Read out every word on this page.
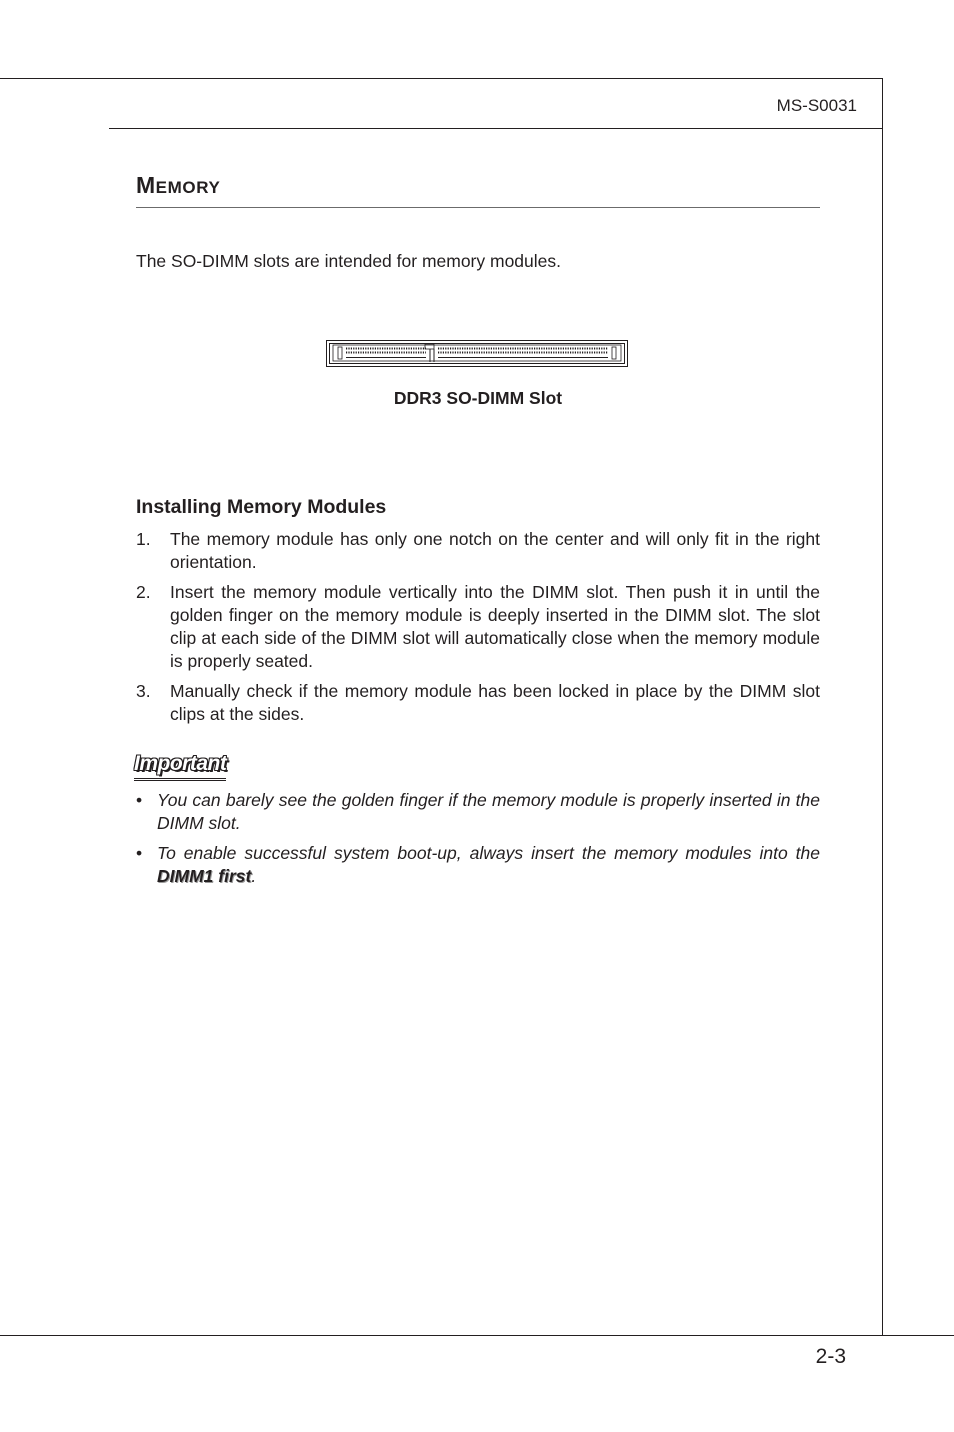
MS-S0031
MEMORY
The SO-DIMM slots are intended for memory modules.
DDR3 SO-DIMM Slot
Installing Memory Modules
1. The memory module has only one notch on the center and will only fit in the right orientation.
2. Insert the memory module vertically into the DIMM slot. Then push it in until the golden finger on the memory module is deeply inserted in the DIMM slot. The slot clip at each side of the DIMM slot will automatically close when the memory module is properly seated.
3. Manually check if the memory module has been locked in place by the DIMM slot clips at the sides.
Important
• You can barely see the golden finger if the memory module is properly inserted in the DIMM slot.
• To enable successful system boot-up, always insert the memory modules into the DIMM1 first.
2-3
